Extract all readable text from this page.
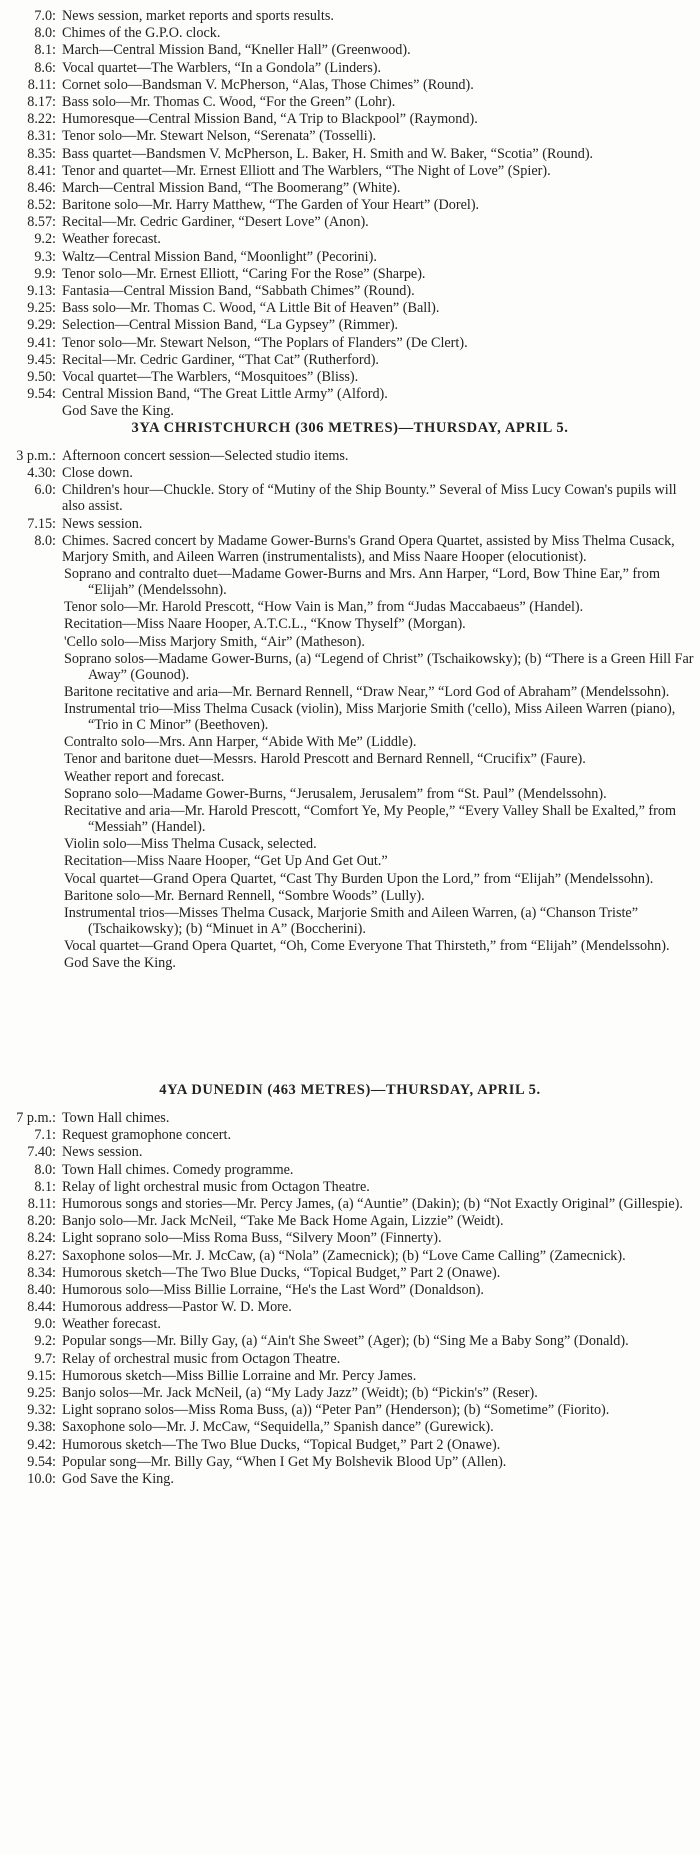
7.0: News session, market reports and sports results.
8.0: Chimes of the G.P.O. clock.
8.1: March—Central Mission Band, “Kneller Hall” (Greenwood).
8.6: Vocal quartet—The Warblers, “In a Gondola” (Linders).
8.11: Cornet solo—Bandsman V. McPherson, “Alas, Those Chimes” (Round).
8.17: Bass solo—Mr. Thomas C. Wood, “For the Green” (Lohr).
8.22: Humoresque—Central Mission Band, “A Trip to Blackpool” (Raymond).
8.31: Tenor solo—Mr. Stewart Nelson, “Serenata” (Tosselli).
8.35: Bass quartet—Bandsmen V. McPherson, L. Baker, H. Smith and W. Baker, “Scotia” (Round).
8.41: Tenor and quartet—Mr. Ernest Elliott and The Warblers, “The Night of Love” (Spier).
8.46: March—Central Mission Band, “The Boomerang” (White).
8.52: Baritone solo—Mr. Harry Matthew, “The Garden of Your Heart” (Dorel).
8.57: Recital—Mr. Cedric Gardiner, “Desert Love” (Anon).
9.2: Weather forecast.
9.3: Waltz—Central Mission Band, “Moonlight” (Pecorini).
9.9: Tenor solo—Mr. Ernest Elliott, “Caring For the Rose” (Sharpe).
9.13: Fantasia—Central Mission Band, “Sabbath Chimes” (Round).
9.25: Bass solo—Mr. Thomas C. Wood, “A Little Bit of Heaven” (Ball).
9.29: Selection—Central Mission Band, “La Gypsey” (Rimmer).
9.41: Tenor solo—Mr. Stewart Nelson, “The Poplars of Flanders” (De Clert).
9.45: Recital—Mr. Cedric Gardiner, “That Cat” (Rutherford).
9.50: Vocal quartet—The Warblers, “Mosquitoes” (Bliss).
9.54: Central Mission Band, “The Great Little Army” (Alford).
God Save the King.
3YA CHRISTCHURCH (306 METRES)—THURSDAY, APRIL 5.
3 p.m.: Afternoon concert session—Selected studio items.
4.30: Close down.
6.0: Children's hour—Chuckle. Story of “Mutiny of the Ship Bounty.” Several of Miss Lucy Cowan's pupils will also assist.
7.15: News session.
8.0: Chimes. Sacred concert by Madame Gower-Burns's Grand Opera Quartet, assisted by Miss Thelma Cusack, Marjory Smith, and Aileen Warren (instrumentalists), and Miss Naare Hooper (elocutionist).
Soprano and contralto duet—Madame Gower-Burns and Mrs. Ann Harper, “Lord, Bow Thine Ear,” from “Elijah” (Mendelssohn).
Tenor solo—Mr. Harold Prescott, “How Vain is Man,” from “Judas Maccabaeus” (Handel).
Recitation—Miss Naare Hooper, A.T.C.L., “Know Thyself” (Morgan).
'Cello solo—Miss Marjory Smith, “Air” (Matheson).
Soprano solos—Madame Gower-Burns, (a) “Legend of Christ” (Tschaikowsky); (b) “There is a Green Hill Far Away” (Gounod).
Baritone recitative and aria—Mr. Bernard Rennell, “Draw Near,” “Lord God of Abraham” (Mendelssohn).
Instrumental trio—Miss Thelma Cusack (violin), Miss Marjorie Smith ('cello), Miss Aileen Warren (piano), “Trio in C Minor” (Beethoven).
Contralto solo—Mrs. Ann Harper, “Abide With Me” (Liddle).
Tenor and baritone duet—Messrs. Harold Prescott and Bernard Rennell, “Crucifix” (Faure).
Weather report and forecast.
Soprano solo—Madame Gower-Burns, “Jerusalem, Jerusalem” from “St. Paul” (Mendelssohn).
Recitative and aria—Mr. Harold Prescott, “Comfort Ye, My People,” “Every Valley Shall be Exalted,” from “Messiah” (Handel).
Violin solo—Miss Thelma Cusack, selected.
Recitation—Miss Naare Hooper, “Get Up And Get Out.”
Vocal quartet—Grand Opera Quartet, “Cast Thy Burden Upon the Lord,” from “Elijah” (Mendelssohn).
Baritone solo—Mr. Bernard Rennell, “Sombre Woods” (Lully).
Instrumental trios—Misses Thelma Cusack, Marjorie Smith and Aileen Warren, (a) “Chanson Triste” (Tschaikowsky); (b) “Minuet in A” (Boccherini).
Vocal quartet—Grand Opera Quartet, “Oh, Come Everyone That Thirsteth,” from “Elijah” (Mendelssohn).
God Save the King.
4YA DUNEDIN (463 METRES)—THURSDAY, APRIL 5.
7 p.m.: Town Hall chimes.
7.1: Request gramophone concert.
7.40: News session.
8.0: Town Hall chimes. Comedy programme.
8.1: Relay of light orchestral music from Octagon Theatre.
8.11: Humorous songs and stories—Mr. Percy James, (a) “Auntie” (Dakin); (b) “Not Exactly Original” (Gillespie).
8.20: Banjo solo—Mr. Jack McNeil, “Take Me Back Home Again, Lizzie” (Weidt).
8.24: Light soprano solo—Miss Roma Buss, “Silvery Moon” (Finnerty).
8.27: Saxophone solos—Mr. J. McCaw, (a) “Nola” (Zamecnick); (b) “Love Came Calling” (Zamecnick).
8.34: Humorous sketch—The Two Blue Ducks, “Topical Budget,” Part 2 (Onawe).
8.40: Humorous solo—Miss Billie Lorraine, “He's the Last Word” (Donaldson).
8.44: Humorous address—Pastor W. D. More.
9.0: Weather forecast.
9.2: Popular songs—Mr. Billy Gay, (a) “Ain't She Sweet” (Ager); (b) “Sing Me a Baby Song” (Donald).
9.7: Relay of orchestral music from Octagon Theatre.
9.15: Humorous sketch—Miss Billie Lorraine and Mr. Percy James.
9.25: Banjo solos—Mr. Jack McNeil, (a) “My Lady Jazz” (Weidt); (b) “Pickin's” (Reser).
9.32: Light soprano solos—Miss Roma Buss, (a)) “Peter Pan” (Henderson); (b) “Sometime” (Fiorito).
9.38: Saxophone solo—Mr. J. McCaw, “Sequidella,” Spanish dance” (Gurewick).
9.42: Humorous sketch—The Two Blue Ducks, “Topical Budget,” Part 2 (Onawe).
9.54: Popular song—Mr. Billy Gay, “When I Get My Bolshevik Blood Up” (Allen).
10.0: God Save the King.
